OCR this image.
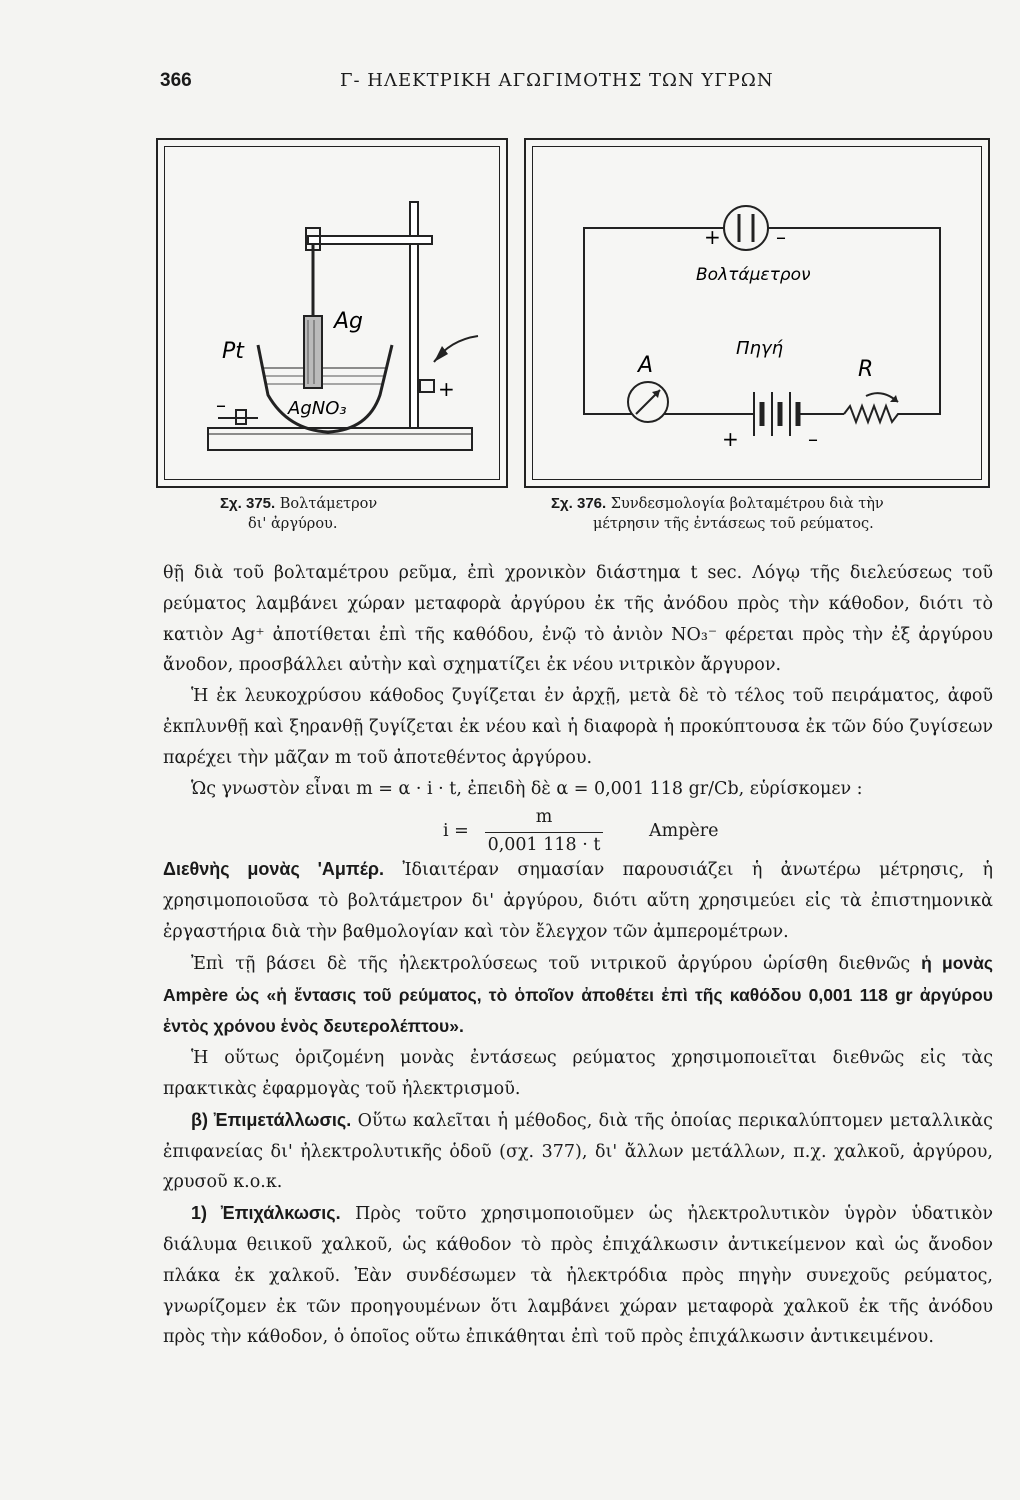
366	Γ- ΗΛΕΚΤΡΙΚΗ ΑΓΩΓΙΜΟΤΗΣ ΤΩΝ ΥΓΡΩΝ
Ag
Pt
AgNO₃
+
–
+	–
Βολτάμετρον
A
+	–
Πηγή
R
Σχ. 375. Βολτάμετρον
δι' ἀργύρου.
Σχ. 376. Συνδεσμολογία βολταμέτρου διὰ τὴν
μέτρησιν τῆς ἐντάσεως τοῦ ρεύματος.

θῇ διὰ τοῦ βολταμέτρου ρεῦμα, ἐπὶ χρονικὸν διάστημα t sec. Λόγῳ τῆς διελεύσεως τοῦ ρεύματος λαμβάνει χώραν μεταφορὰ ἀργύρου ἐκ τῆς ἀνόδου πρὸς τὴν κάθοδον, διότι τὸ κατιὸν Ag⁺ ἀποτίθεται ἐπὶ τῆς καθόδου, ἐνῷ τὸ ἀνιὸν NO₃⁻ φέρεται πρὸς τὴν ἐξ ἀργύρου ἄνοδον, προσβάλλει αὐτὴν καὶ σχηματίζει ἐκ νέου νιτρικὸν ἄργυρον.

Ἡ ἐκ λευκοχρύσου κάθοδος ζυγίζεται ἐν ἀρχῇ, μετὰ δὲ τὸ τέλος τοῦ πειράματος, ἀφοῦ ἐκπλυνθῇ καὶ ξηρανθῇ ζυγίζεται ἐκ νέου καὶ ἡ διαφορὰ ἡ προκύπτουσα ἐκ τῶν δύο ζυγίσεων παρέχει τὴν μᾶζαν m τοῦ ἀποτεθέντος ἀργύρου.

Ὡς γνωστὸν εἶναι m = α · i · t, ἐπειδὴ δὲ α = 0,001 118 gr/Cb, εὑρίσκομεν :

i =
m
0,001 118 · t
Ampère

Διεθνὴς μονὰς 'Αμπέρ. Ἰδιαιτέραν σημασίαν παρουσιάζει ἡ ἀνωτέρω μέτρησις, ἡ χρησιμοποιοῦσα τὸ βολτάμετρον δι' ἀργύρου, διότι αὕτη χρησιμεύει εἰς τὰ ἐπιστημονικὰ ἐργαστήρια διὰ τὴν βαθμολογίαν καὶ τὸν ἔλεγχον τῶν ἀμπερομέτρων.

Ἐπὶ τῇ βάσει δὲ τῆς ἠλεκτρολύσεως τοῦ νιτρικοῦ ἀργύρου ὡρίσθη διεθνῶς ἡ μονὰς Ampère ὡς «ἡ ἔντασις τοῦ ρεύματος, τὸ ὁποῖον ἀποθέτει ἐπὶ τῆς καθόδου 0,001 118 gr ἀργύρου ἐντὸς χρόνου ἑνὸς δευτερολέπτου».

Ἡ οὕτως ὁριζομένη μονὰς ἐντάσεως ρεύματος χρησιμοποιεῖται διεθνῶς εἰς τὰς πρακτικὰς ἐφαρμογὰς τοῦ ἠλεκτρισμοῦ.

β) Ἐπιμετάλλωσις. Οὕτω καλεῖται ἡ μέθοδος, διὰ τῆς ὁποίας περικαλύπτομεν μεταλλικὰς ἐπιφανείας δι' ἠλεκτρολυτικῆς ὁδοῦ (σχ. 377), δι' ἄλλων μετάλλων, π.χ. χαλκοῦ, ἀργύρου, χρυσοῦ κ.ο.κ.

1) Ἐπιχάλκωσις. Πρὸς τοῦτο χρησιμοποιοῦμεν ὡς ἠλεκτρολυτικὸν ὑγρὸν ὑδατικὸν διάλυμα θειικοῦ χαλκοῦ, ὡς κάθοδον τὸ πρὸς ἐπιχάλκωσιν ἀντικείμενον καὶ ὡς ἄνοδον πλάκα ἐκ χαλκοῦ. Ἐὰν συνδέσωμεν τὰ ἠλεκτρόδια πρὸς πηγὴν συνεχοῦς ρεύματος, γνωρίζομεν ἐκ τῶν προηγουμένων ὅτι λαμβάνει χώραν μεταφορὰ χαλκοῦ ἐκ τῆς ἀνόδου πρὸς τὴν κάθοδον, ὁ ὁποῖος οὕτω ἐπικάθηται ἐπὶ τοῦ πρὸς ἐπιχάλκωσιν ἀντικειμένου.
